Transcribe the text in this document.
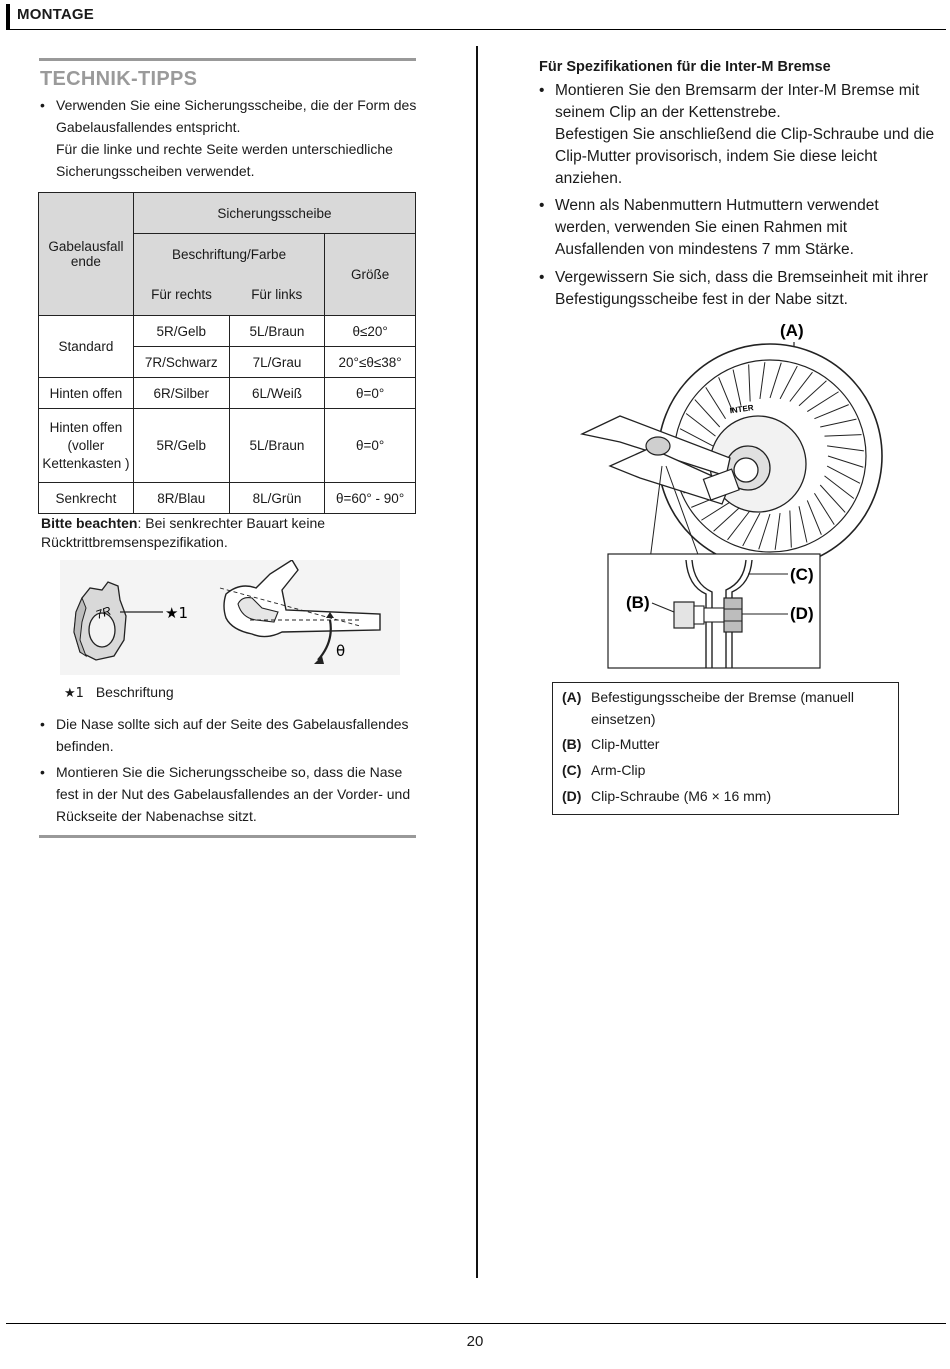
MONTAGE
TECHNIK-TIPPS
• Verwenden Sie eine Sicherungsscheibe, die der Form des
Gabelausfallendes entspricht.
Für die linke und rechte Seite werden unterschiedliche
Sicherungsscheiben verwendet.
Gabelausfall ende	Sicherungsscheibe		
	Beschriftung/Farbe		Größe
	Für rechts	Für links	
Standard	5R/Gelb	5L/Braun	θ≤20°
	7R/Schwarz	7L/Grau	20°≤θ≤38°
Hinten offen	6R/Silber	6L/Weiß	θ=0°
Hinten offen (voller Kettenkasten )	5R/Gelb	5L/Braun	θ=0°
Senkrecht	8R/Blau	8L/Grün	θ=60° - 90°
Bitte beachten: Bei senkrechter Bauart keine
Rücktrittbremsenspezifikation.
7R	★1
θ
★1 Beschriftung
• Die Nase sollte sich auf der Seite des Gabelausfallendes
befinden.
• Montieren Sie die Sicherungsscheibe so, dass die Nase
fest in der Nut des Gabelausfallendes an der Vorder- und
Rückseite der Nabenachse sitzt.
Für Spezifikationen für die Inter-M Bremse
• Montieren Sie den Bremsarm der Inter-M Bremse mit
seinem Clip an der Kettenstrebe.
Befestigen Sie anschließend die Clip-Schraube und die
Clip-Mutter provisorisch, indem Sie diese leicht
anziehen.
• Wenn als Nabenmuttern Hutmuttern verwendet
werden, verwenden Sie einen Rahmen mit
Ausfallenden von mindestens 7 mm Stärke.
• Vergewissern Sie sich, dass die Bremseinheit mit ihrer
Befestigungsscheibe fest in der Nabe sitzt.
(A)
INTER
(B)
(C)
(D)
(A) Befestigungsscheibe der Bremse (manuell
einsetzen)
(B) Clip-Mutter
(C) Arm-Clip
(D) Clip-Schraube (M6 × 16 mm)
20
